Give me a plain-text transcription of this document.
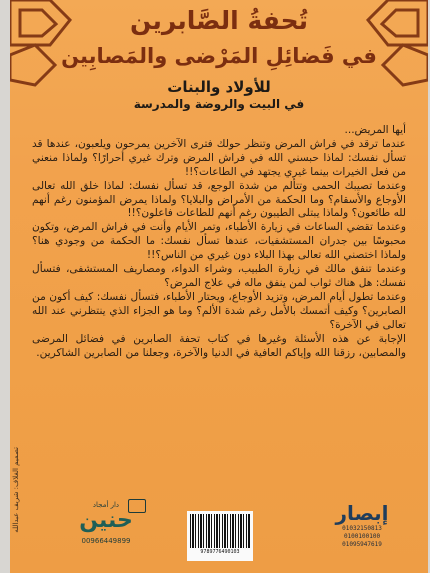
تُحفةُ الصَّابرين
في فَضائِلِ المَرْضى والمَصابِين
للأولاد والبنات
في البيت والروضة والمدرسة

أيها المريض...

عندما ترقد في فراش المرض وتنظر حولك فترى الآخرين يمرحون ويلعبون، عندها قد تسأل نفسك: لماذا حبسني الله في فراش المرض وترك غيري أحرارًا؟ ولماذا منعني من فعل الخيرات بينما غيري يجتهد في الطاعات؟!!

وعندما تصيبك الحمى وتتألم من شدة الوجع، قد تسأل نفسك: لماذا خلق الله تعالى الأوجاع والأسقام؟ وما الحكمة من الأمراض والبلايا؟ ولماذا يمرض المؤمنون رغم أنهم لله طائعون؟ ولماذا يبتلى الطيبون رغم أنهم للطاعات فاعلون؟!!

وعندما تقضي الساعات في زيارة الأطباء، وتمر الأيام وأنت في فراش المرض، وتكون محبوسًا بين جدران المستشفيات، عندها تسأل نفسك: ما الحكمة من وجودي هنا؟ ولماذا اختصني الله تعالى بهذا البلاء دون غيري من الناس؟!!

وعندما تنفق مالك في زيارة الطبيب، وشراء الدواء، ومصاريف المستشفى، فتسأل نفسك: هل هناك ثواب لمن ينفق ماله في علاج المرض؟

وعندما تطول أيام المرض، وتزيد الأوجاع، ويحتار الأطباء، فتسأل نفسك: كيف أكون من الصابرين؟ وكيف أتمسك بالأمل رغم شدة الألم؟ وما هو الجزاء الذي ينتظرني عند الله تعالى في الآخرة؟

الإجابة عن هذه الأسئلة وغيرها في كتاب تحفة الصابرين في فضائل المرضى والمصابين، رزقنا الله وإياكم العافية في الدنيا والآخرة، وجعلنا من الصابرين الشاكرين.

تصميم الغلاف: شريف عبدالله	دار أمجاد
حنين
00966449899
9789776490103
إبصار
01032150813
0100100100
01095947619
